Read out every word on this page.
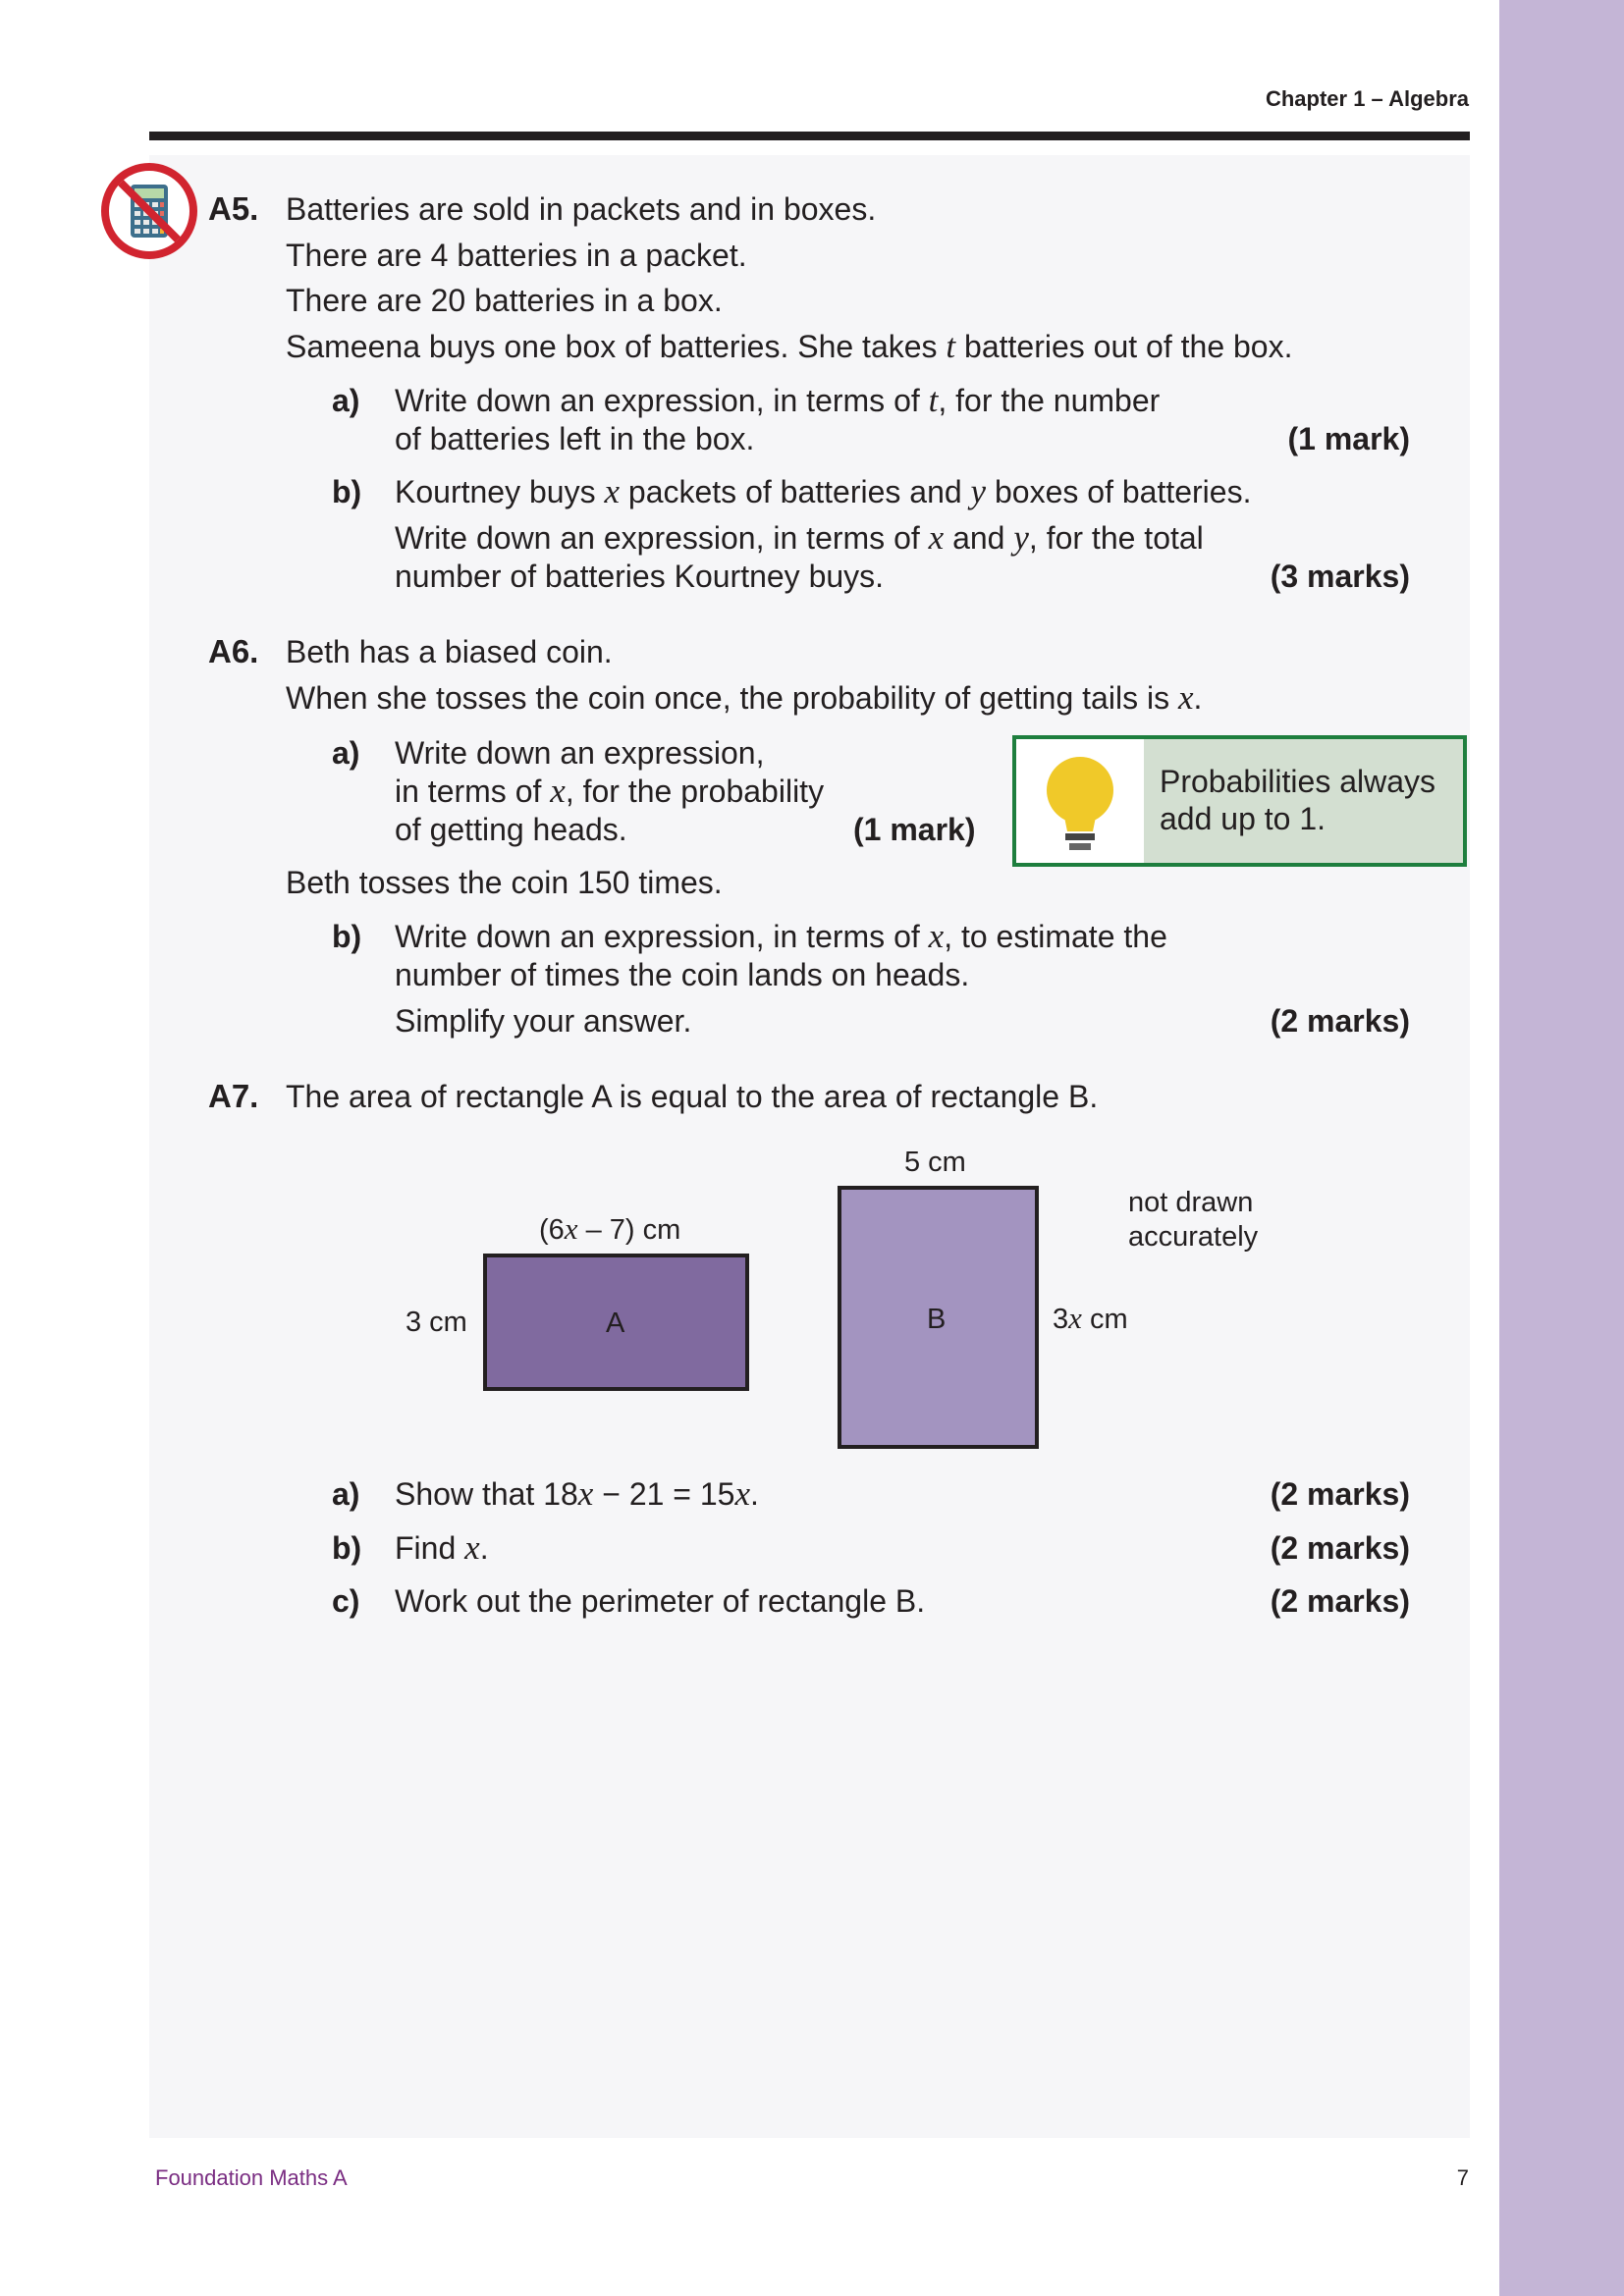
Chapter 1 – Algebra
A5. Batteries are sold in packets and in boxes.
There are 4 batteries in a packet.
There are 20 batteries in a box.
Sameena buys one box of batteries. She takes t batteries out of the box.
a) Write down an expression, in terms of t, for the number
of batteries left in the box.	(1 mark)
b) Kourtney buys x packets of batteries and y boxes of batteries.
Write down an expression, in terms of x and y, for the total
number of batteries Kourtney buys.	(3 marks)
A6. Beth has a biased coin.
When she tosses the coin once, the probability of getting tails is x.
a) Write down an expression,
in terms of x, for the probability
of getting heads.	(1 mark)
Probabilities always add up to 1.
Beth tosses the coin 150 times.
b) Write down an expression, in terms of x, to estimate the
number of times the coin lands on heads.
Simplify your answer.	(2 marks)
A7. The area of rectangle A is equal to the area of rectangle B.
5 cm
not drawn
accurately
(6x – 7) cm
3 cm	3x cm
A	B
a) Show that 18x − 21 = 15x.	(2 marks)
b) Find x.	(2 marks)
c) Work out the perimeter of rectangle B.	(2 marks)
Foundation Maths A	7
